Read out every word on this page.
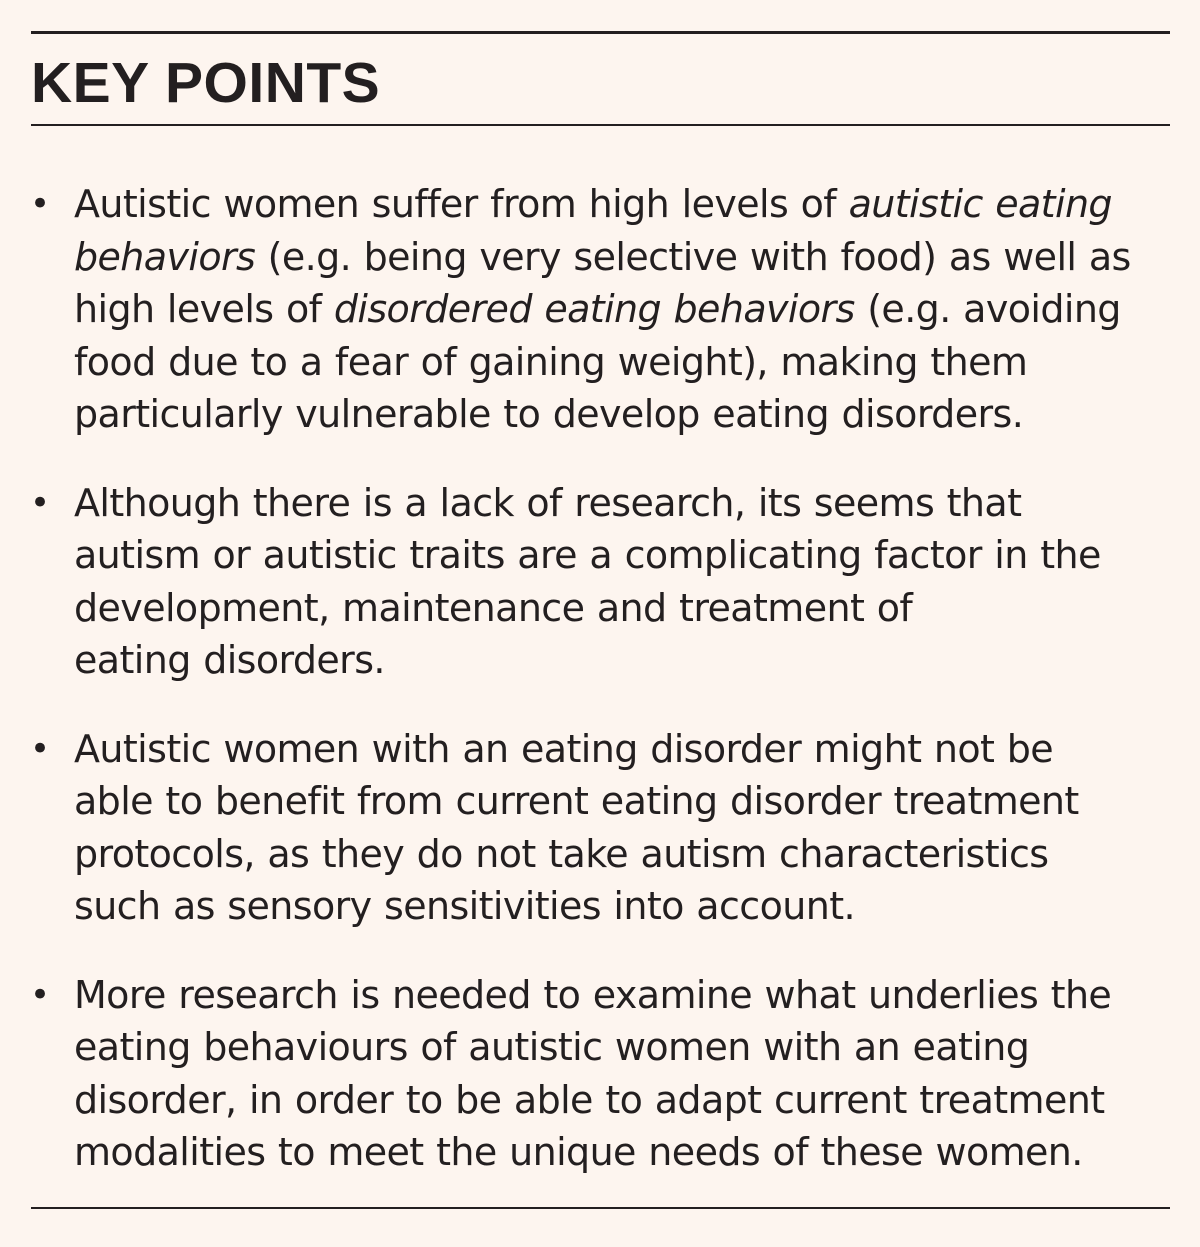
KEY POINTS
• Autistic women suffer from high levels of autistic eating
behaviors (e.g. being very selective with food) as well as
high levels of disordered eating behaviors (e.g. avoiding
food due to a fear of gaining weight), making them
particularly vulnerable to develop eating disorders.
• Although there is a lack of research, its seems that
autism or autistic traits are a complicating factor in the
development, maintenance and treatment of
eating disorders.
• Autistic women with an eating disorder might not be
able to benefit from current eating disorder treatment
protocols, as they do not take autism characteristics
such as sensory sensitivities into account.
• More research is needed to examine what underlies the
eating behaviours of autistic women with an eating
disorder, in order to be able to adapt current treatment
modalities to meet the unique needs of these women.
